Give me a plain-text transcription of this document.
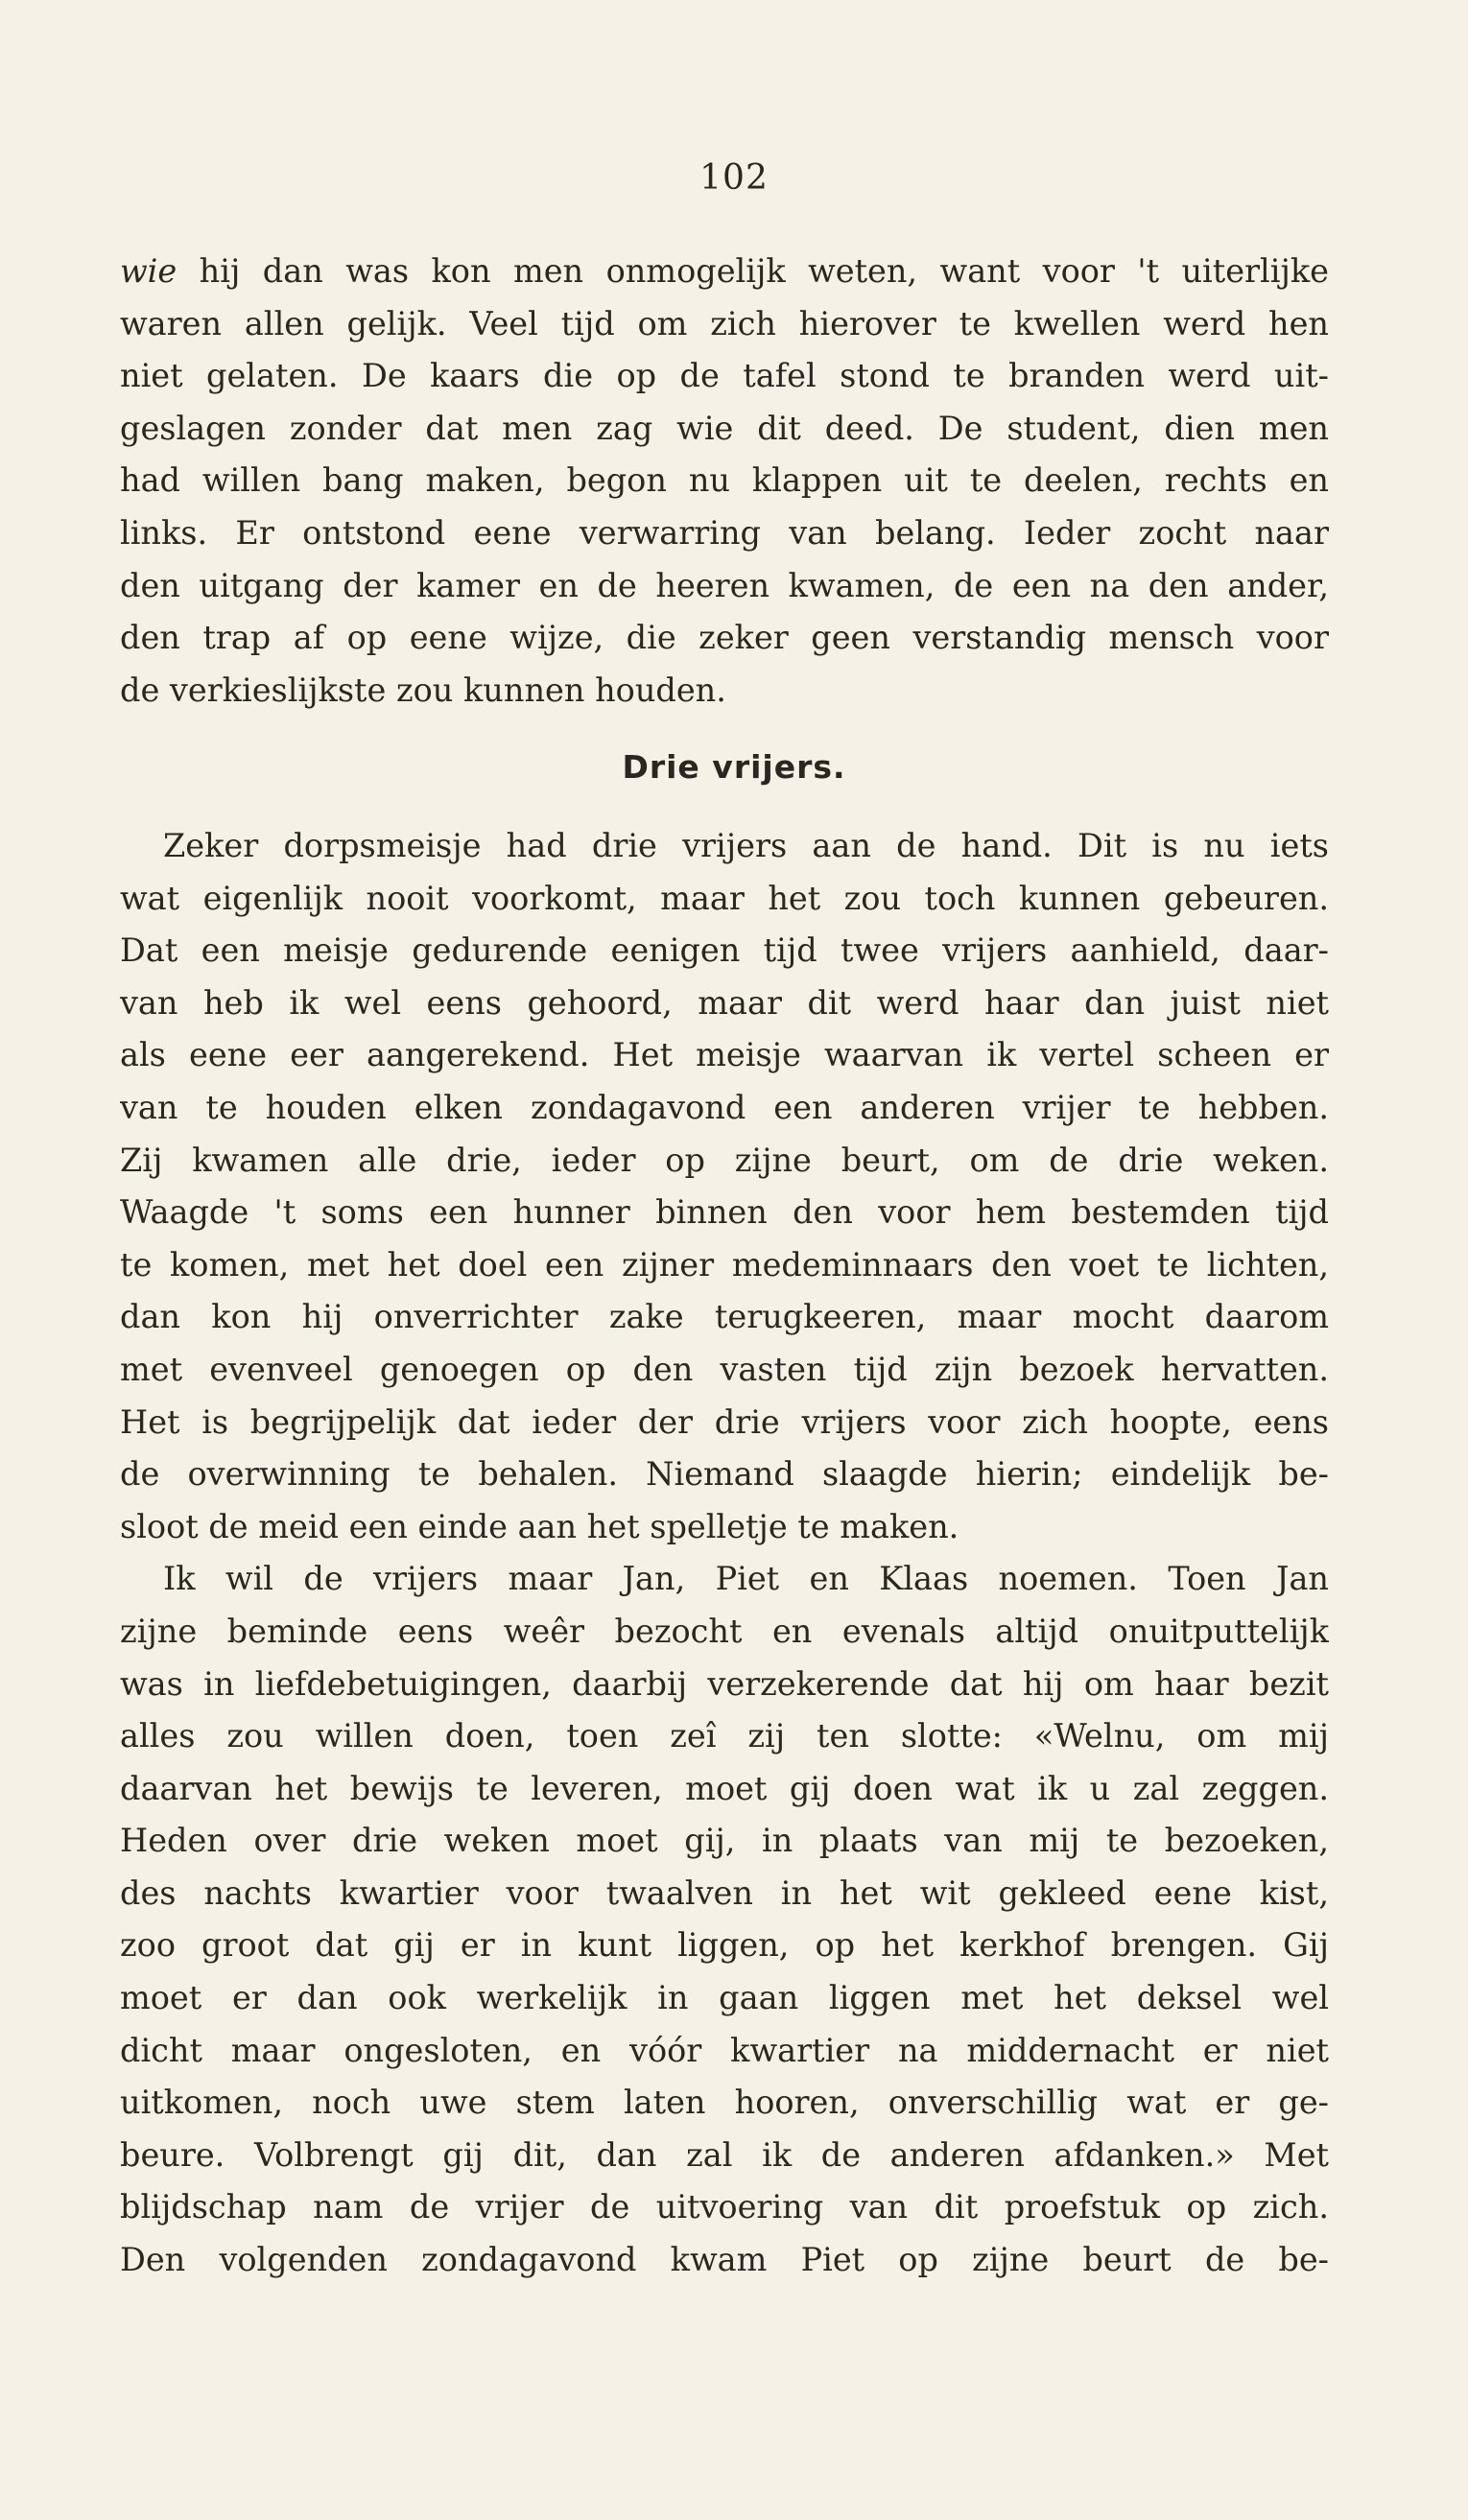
102
wie hij dan was kon men onmogelijk weten, want voor 't uiterlijke
waren allen gelijk. Veel tijd om zich hierover te kwellen werd hen
niet gelaten. De kaars die op de tafel stond te branden werd uit-
geslagen zonder dat men zag wie dit deed. De student, dien men
had willen bang maken, begon nu klappen uit te deelen, rechts en
links. Er ontstond eene verwarring van belang. Ieder zocht naar
den uitgang der kamer en de heeren kwamen, de een na den ander,
den trap af op eene wijze, die zeker geen verstandig mensch voor
de verkieslijkste zou kunnen houden.
Drie vrijers.
Zeker dorpsmeisje had drie vrijers aan de hand. Dit is nu iets
wat eigenlijk nooit voorkomt, maar het zou toch kunnen gebeuren.
Dat een meisje gedurende eenigen tijd twee vrijers aanhield, daar-
van heb ik wel eens gehoord, maar dit werd haar dan juist niet
als eene eer aangerekend. Het meisje waarvan ik vertel scheen er
van te houden elken zondagavond een anderen vrijer te hebben.
Zij kwamen alle drie, ieder op zijne beurt, om de drie weken.
Waagde 't soms een hunner binnen den voor hem bestemden tijd
te komen, met het doel een zijner medeminnaars den voet te lichten,
dan kon hij onverrichter zake terugkeeren, maar mocht daarom
met evenveel genoegen op den vasten tijd zijn bezoek hervatten.
Het is begrijpelijk dat ieder der drie vrijers voor zich hoopte, eens
de overwinning te behalen. Niemand slaagde hierin; eindelijk be-
sloot de meid een einde aan het spelletje te maken.
Ik wil de vrijers maar Jan, Piet en Klaas noemen. Toen Jan
zijne beminde eens weêr bezocht en evenals altijd onuitputtelijk
was in liefdebetuigingen, daarbij verzekerende dat hij om haar bezit
alles zou willen doen, toen zeî zij ten slotte: «Welnu, om mij
daarvan het bewijs te leveren, moet gij doen wat ik u zal zeggen.
Heden over drie weken moet gij, in plaats van mij te bezoeken,
des nachts kwartier voor twaalven in het wit gekleed eene kist,
zoo groot dat gij er in kunt liggen, op het kerkhof brengen. Gij
moet er dan ook werkelijk in gaan liggen met het deksel wel
dicht maar ongesloten, en vóór kwartier na middernacht er niet
uitkomen, noch uwe stem laten hooren, onverschillig wat er ge-
beure. Volbrengt gij dit, dan zal ik de anderen afdanken.» Met
blijdschap nam de vrijer de uitvoering van dit proefstuk op zich.
Den volgenden zondagavond kwam Piet op zijne beurt de be-
